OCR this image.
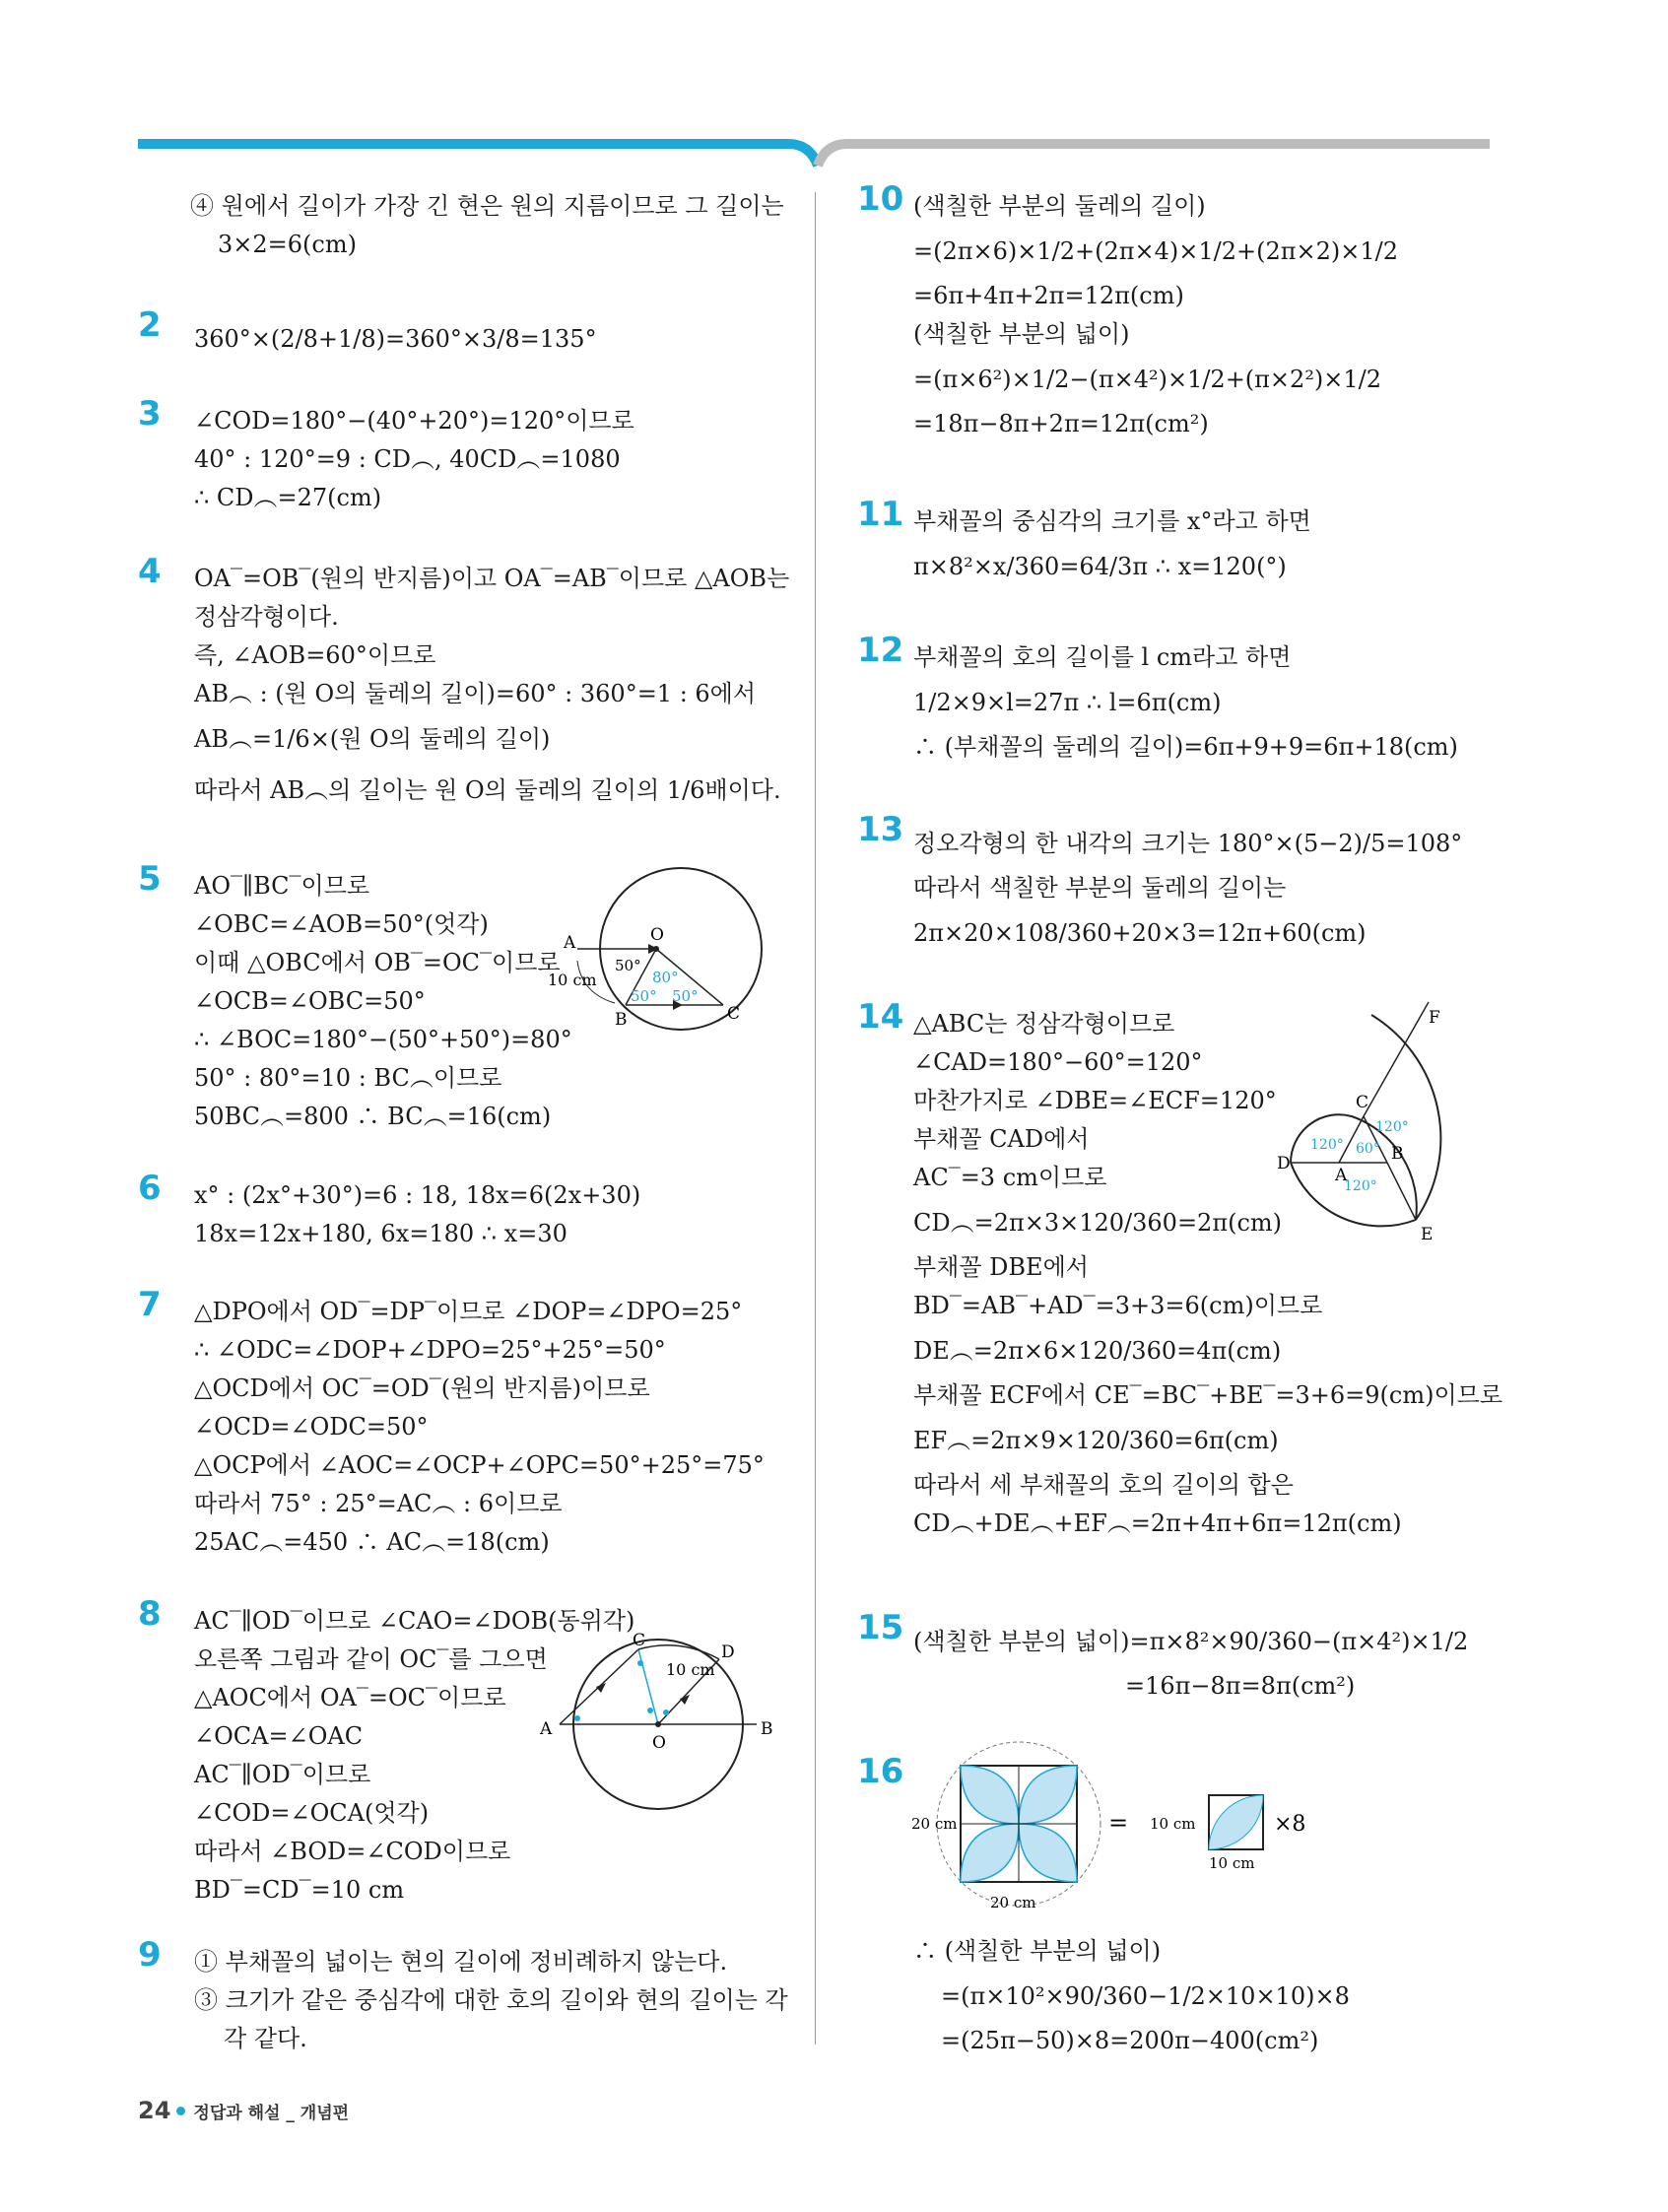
④ 원에서 길이가 가장 긴 현은 원의 지름이므로 그 길이는
3×2=6(cm)
2	360°×(2/8+1/8)=360°×3/8=135°
3	∠COD=180°−(40°+20°)=120°이므로
40° : 120°=9 : CD︵, 40CD︵=1080
∴ CD︵=27(cm)
4	OA‾=OB‾(원의 반지름)이고 OA‾=AB‾이므로 △AOB는
정삼각형이다.
즉, ∠AOB=60°이므로
AB︵ : (원 O의 둘레의 길이)=60° : 360°=1 : 6에서
AB︵=1/6×(원 O의 둘레의 길이)
따라서 AB︵의 길이는 원 O의 둘레의 길이의 1/6배이다.
5	AO‾∥BC‾이므로
∠OBC=∠AOB=50°(엇각)
이때 △OBC에서 OB‾=OC‾이므로
∠OCB=∠OBC=50°
∴ ∠BOC=180°−(50°+50°)=80°
50° : 80°=10 : BC︵이므로
50BC︵=800 ∴ BC︵=16(cm)
A	O
B	C
10 cm
50°
80°
50° 50°
6	x° : (2x°+30°)=6 : 18, 18x=6(2x+30)
18x=12x+180, 6x=180 ∴ x=30
7	△DPO에서 OD‾=DP‾이므로 ∠DOP=∠DPO=25°
∴ ∠ODC=∠DOP+∠DPO=25°+25°=50°
△OCD에서 OC‾=OD‾(원의 반지름)이므로
∠OCD=∠ODC=50°
△OCP에서 ∠AOC=∠OCP+∠OPC=50°+25°=75°
따라서 75° : 25°=AC︵ : 6이므로
25AC︵=450 ∴ AC︵=18(cm)
8	AC‾∥OD‾이므로 ∠CAO=∠DOB(동위각)
오른쪽 그림과 같이 OC‾를 그으면
△AOC에서 OA‾=OC‾이므로
∠OCA=∠OAC
AC‾∥OD‾이므로
∠COD=∠OCA(엇각)
따라서 ∠BOD=∠COD이므로
BD‾=CD‾=10 cm
A
O
B
C
D
10 cm
9	① 부채꼴의 넓이는 현의 길이에 정비례하지 않는다.
③ 크기가 같은 중심각에 대한 호의 길이와 현의 길이는 각
각 같다.
10 (색칠한 부분의 둘레의 길이)
=(2π×6)×1/2+(2π×4)×1/2+(2π×2)×1/2
=6π+4π+2π=12π(cm)
(색칠한 부분의 넓이)
=(π×6²)×1/2−(π×4²)×1/2+(π×2²)×1/2
=18π−8π+2π=12π(cm²)
11 부채꼴의 중심각의 크기를 x°라고 하면
π×8²×x/360=64/3π ∴ x=120(°)
12 부채꼴의 호의 길이를 l cm라고 하면
1/2×9×l=27π ∴ l=6π(cm)
∴ (부채꼴의 둘레의 길이)=6π+9+9=6π+18(cm)
13 정오각형의 한 내각의 크기는 180°×(5−2)/5=108°
따라서 색칠한 부분의 둘레의 길이는
2π×20×108/360+20×3=12π+60(cm)
14 △ABC는 정삼각형이므로
∠CAD=180°−60°=120°
마찬가지로 ∠DBE=∠ECF=120°
부채꼴 CAD에서
AC‾=3 cm이므로
CD︵=2π×3×120/360=2π(cm)
부채꼴 DBE에서
BD‾=AB‾+AD‾=3+3=6(cm)이므로
DE︵=2π×6×120/360=4π(cm)
부채꼴 ECF에서 CE‾=BC‾+BE‾=3+6=9(cm)이므로
EF︵=2π×9×120/360=6π(cm)
따라서 세 부채꼴의 호의 길이의 합은
CD︵+DE︵+EF︵=2π+4π+6π=12π(cm)
F
C
D
A
B
E
120°
120°
60°
120°
15 (색칠한 부분의 넓이)=π×8²×90/360−(π×4²)×1/2
=16π−8π=8π(cm²)
16
20 cm
20 cm
= 10 cm
10 cm
×8
∴ (색칠한 부분의 넓이)
=(π×10²×90/360−1/2×10×10)×8
=(25π−50)×8=200π−400(cm²)
24 정답과 해설 _ 개념편
